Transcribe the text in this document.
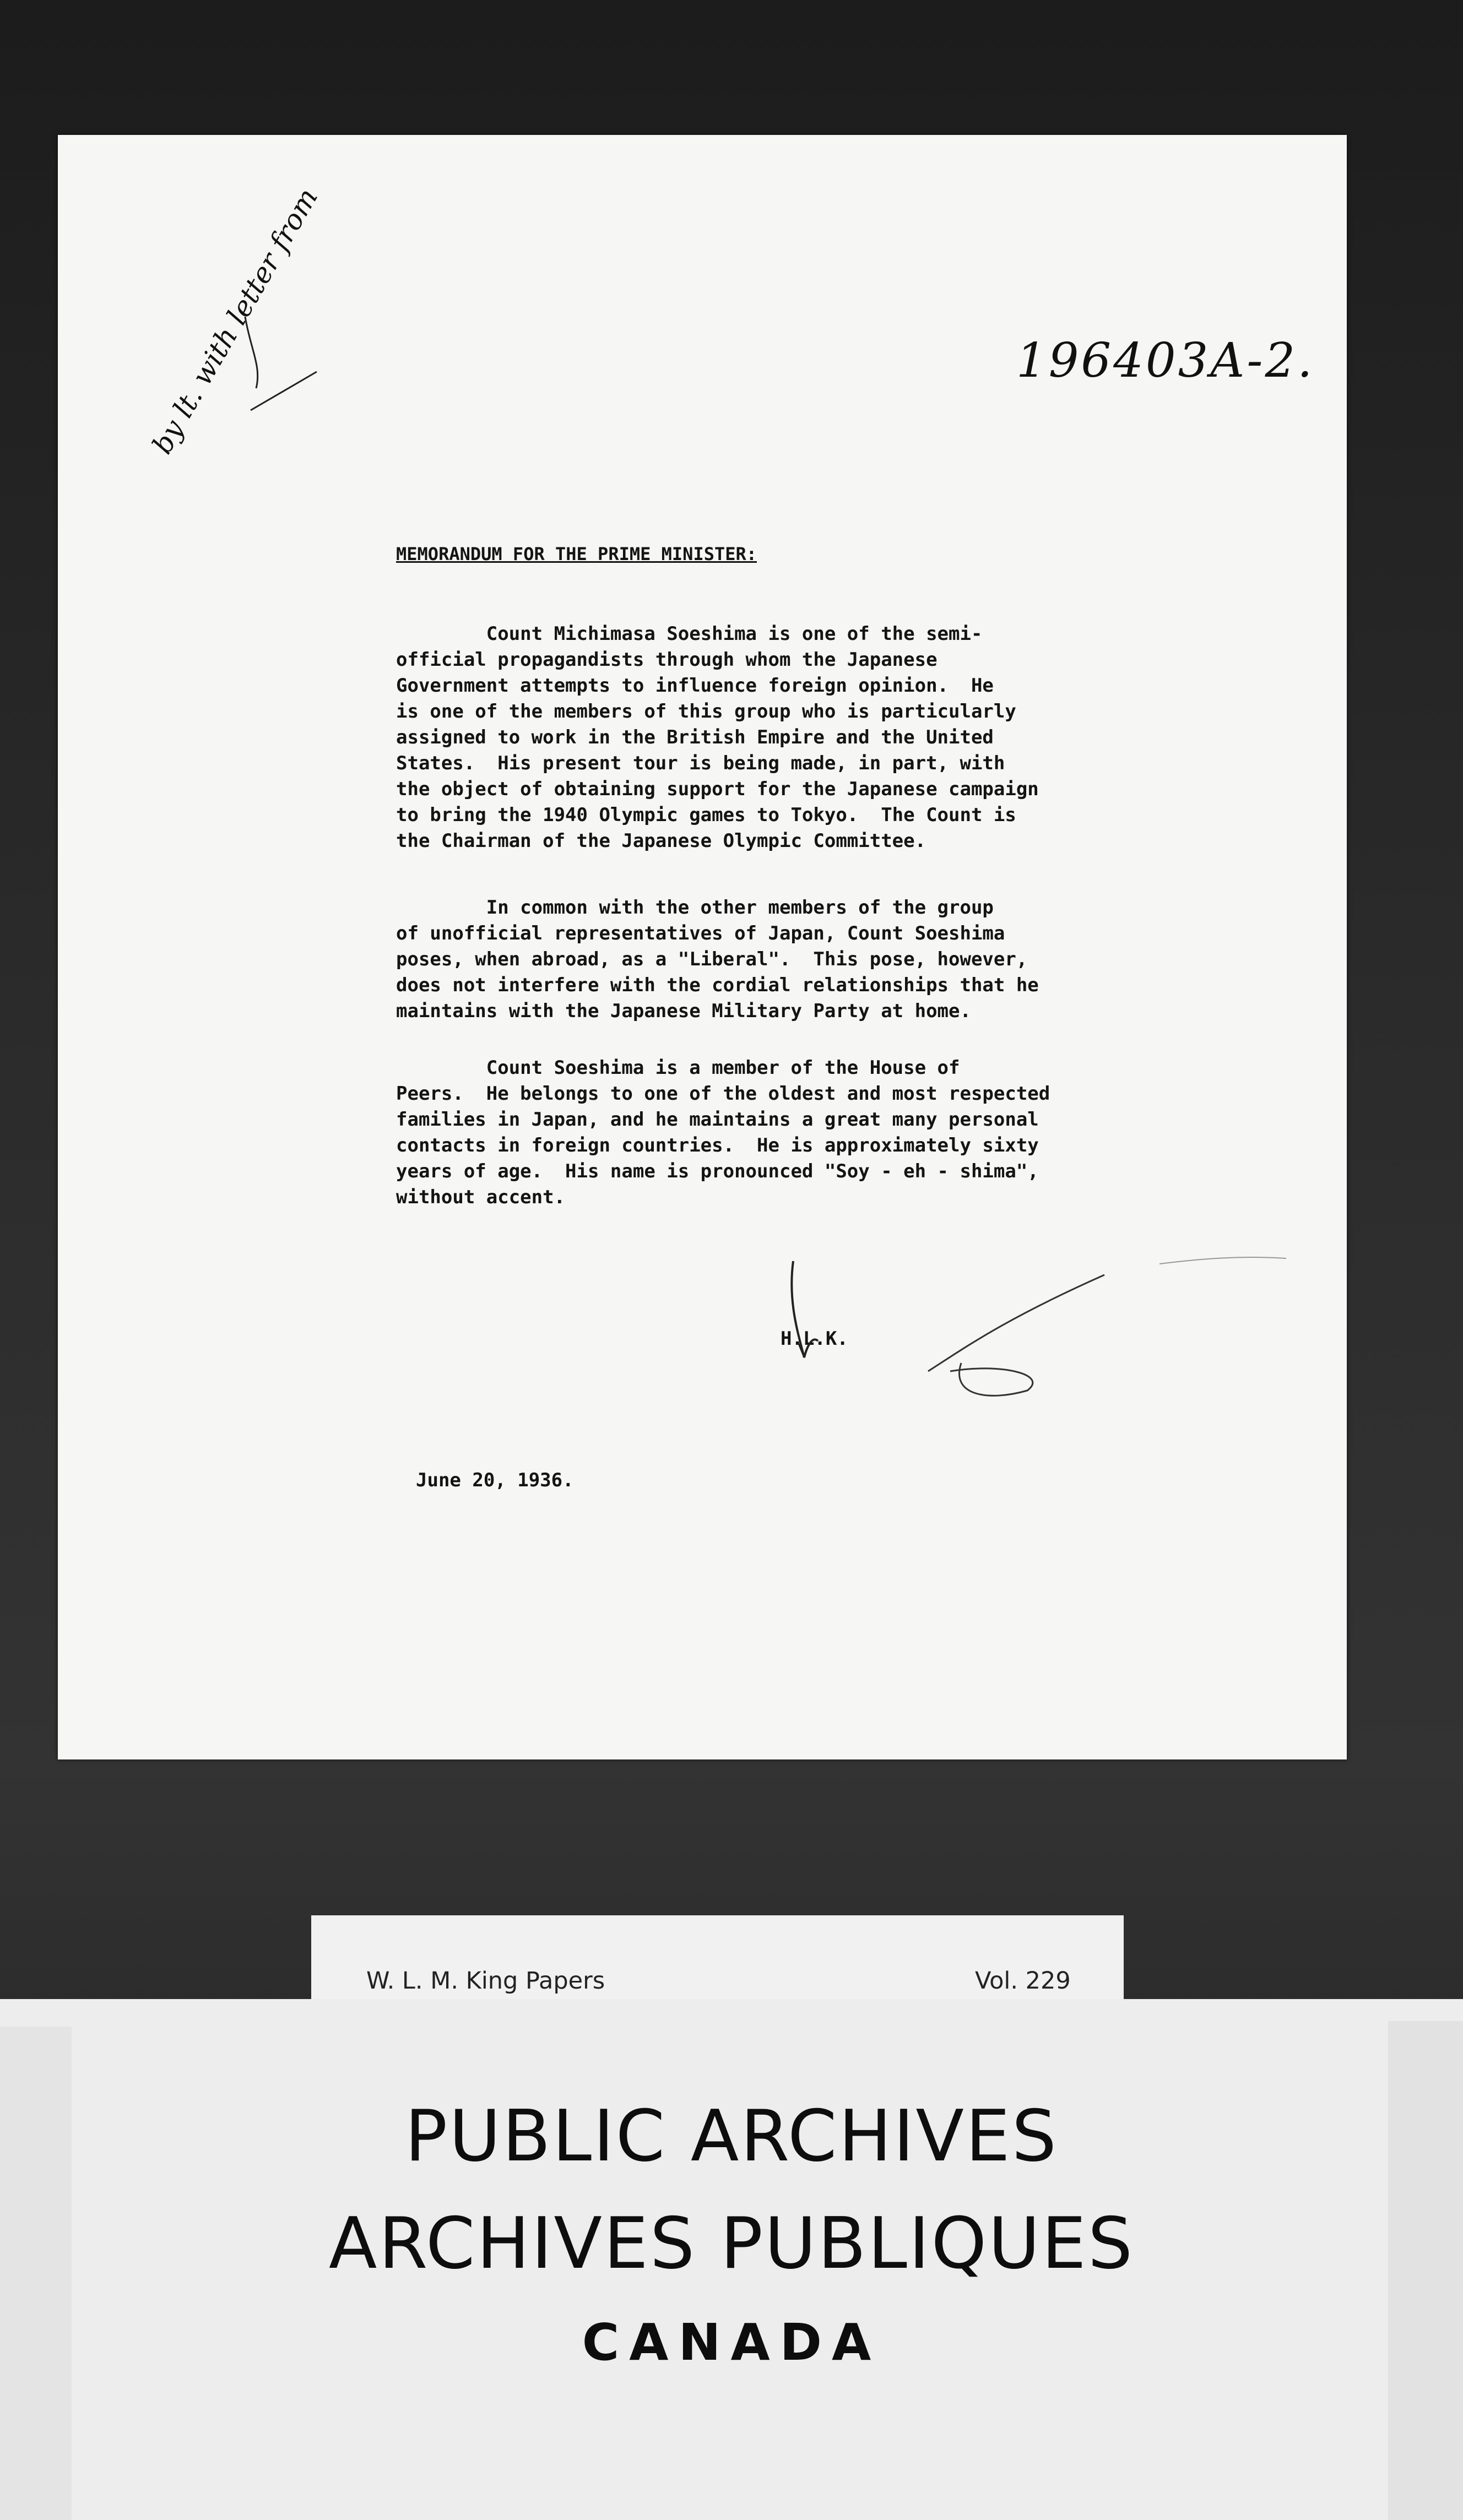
196403A-2.
by lt. with letter from
MEMORANDUM FOR THE PRIME MINISTER:
Count Michimasa Soeshima is one of the semi-
official propagandists through whom the Japanese
Government attempts to influence foreign opinion.  He
is one of the members of this group who is particularly
assigned to work in the British Empire and the United
States.  His present tour is being made, in part, with
the object of obtaining support for the Japanese campaign
to bring the 1940 Olympic games to Tokyo.  The Count is
the Chairman of the Japanese Olympic Committee.
In common with the other members of the group
of unofficial representatives of Japan, Count Soeshima
poses, when abroad, as a "Liberal".  This pose, however,
does not interfere with the cordial relationships that he
maintains with the Japanese Military Party at home.
Count Soeshima is a member of the House of
Peers.  He belongs to one of the oldest and most respected
families in Japan, and he maintains a great many personal
contacts in foreign countries.  He is approximately sixty
years of age.  His name is pronounced "Soy - eh - shima",
without accent.
H.L.K.
June 20, 1936.
W. L. M. King Papers	Vol. 229
PUBLIC ARCHIVES
ARCHIVES PUBLIQUES
CANADA
